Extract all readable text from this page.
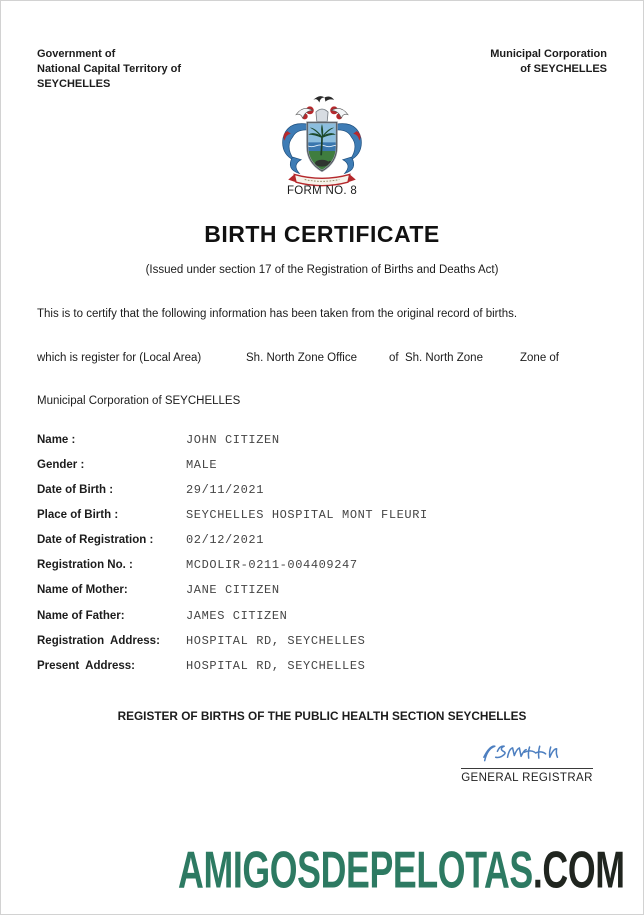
Government of
National Capital Territory of
SEYCHELLES
Municipal Corporation
of SEYCHELLES
FORM NO. 8
BIRTH CERTIFICATE
(Issued under section 17 of the Registration of Births and Deaths Act)
This is to certify that the following information has been taken from the original record of births.
which is register for (Local Area)	Sh. North Zone Office	of  Sh. North Zone	Zone of
Municipal Corporation of SEYCHELLES
Name :	JOHN CITIZEN
Gender :	MALE
Date of Birth :	29/11/2021
Place of Birth :	SEYCHELLES HOSPITAL MONT FLEURI
Date of Registration :	02/12/2021
Registration No. :	MCDOLIR-0211-004409247
Name of Mother:	JANE CITIZEN
Name of Father:	JAMES CITIZEN
Registration  Address:	HOSPITAL RD, SEYCHELLES
Present  Address:	HOSPITAL RD, SEYCHELLES
REGISTER OF BIRTHS OF THE PUBLIC HEALTH SECTION SEYCHELLES
GENERAL REGISTRAR
AMIGOSDEPELOTAS.COM
